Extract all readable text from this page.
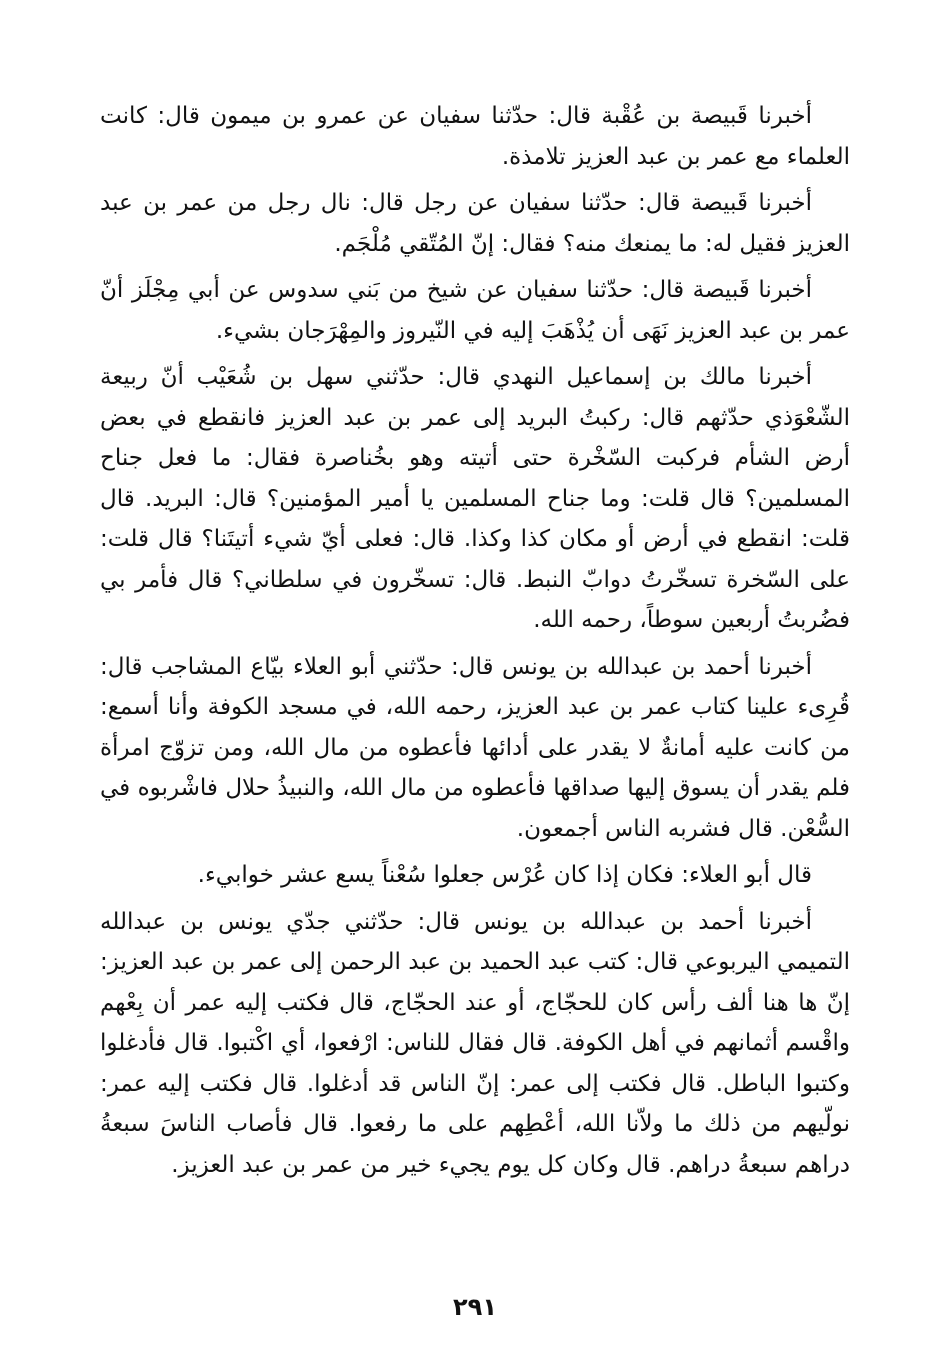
أخبرنا قَبيصة بن عُقْبة قال: حدّثنا سفيان عن عمرو بن ميمون قال: كانت العلماء مع عمر بن عبد العزيز تلامذة.

أخبرنا قَبيصة قال: حدّثنا سفيان عن رجل قال: نال رجل من عمر بن عبد العزيز فقيل له: ما يمنعك منه؟ فقال: إنّ المُتّقي مُلْجَم.

أخبرنا قَبيصة قال: حدّثنا سفيان عن شيخ من بَني سدوس عن أبي مِجْلَز أنّ عمر بن عبد العزيز نَهَى أن يُذْهَبَ إليه في النّيروز والمِهْرَجان بشيء.

أخبرنا مالك بن إسماعيل النهدي قال: حدّثني سهل بن شُعَيْب أنّ ربيعة الشّعْوَذي حدّثهم قال: ركبتُ البريد إلى عمر بن عبد العزيز فانقطع في بعض أرض الشأم فركبت السّخْرة حتى أتيته وهو بخُناصرة فقال: ما فعل جناح المسلمين؟ قال قلت: وما جناح المسلمين يا أمير المؤمنين؟ قال: البريد. قال قلت: انقطع في أرض أو مكان كذا وكذا. قال: فعلى أيّ شيء أتيتَنا؟ قال قلت: على السّخرة تسخّرتُ دوابّ النبط. قال: تسخّرون في سلطاني؟ قال فأمر بي فضُربتُ أربعين سوطاً، رحمه الله.

أخبرنا أحمد بن عبدالله بن يونس قال: حدّثني أبو العلاء بيّاع المشاجب قال: قُرِىء علينا كتاب عمر بن عبد العزيز، رحمه الله، في مسجد الكوفة وأنا أسمع: من كانت عليه أمانةٌ لا يقدر على أدائها فأعطوه من مال الله، ومن تزوّج امرأة فلم يقدر أن يسوق إليها صداقها فأعطوه من مال الله، والنبيذُ حلال فاشْربوه في السُّعْن. قال فشربه الناس أجمعون.

قال أبو العلاء: فكان إذا كان عُرْس جعلوا سُعْناً يسع عشر خوابيء.

أخبرنا أحمد بن عبدالله بن يونس قال: حدّثني جدّي يونس بن عبدالله التميمي اليربوعي قال: كتب عبد الحميد بن عبد الرحمن إلى عمر بن عبد العزيز: إنّ ها هنا ألف رأس كان للحجّاج، أو عند الحجّاج، قال فكتب إليه عمر أن بِعْهم واقْسم أثمانهم في أهل الكوفة. قال فقال للناس: ارْفعوا، أي اكْتبوا. قال فأدغلوا وكتبوا الباطل. قال فكتب إلى عمر: إنّ الناس قد أدغلوا. قال فكتب إليه عمر: نولّيهم من ذلك ما ولاّنا الله، أعْطِهم على ما رفعوا. قال فأصاب الناسَ سبعةُ دراهم سبعةُ دراهم. قال وكان كل يوم يجيء خير من عمر بن عبد العزيز.

٢٩١
